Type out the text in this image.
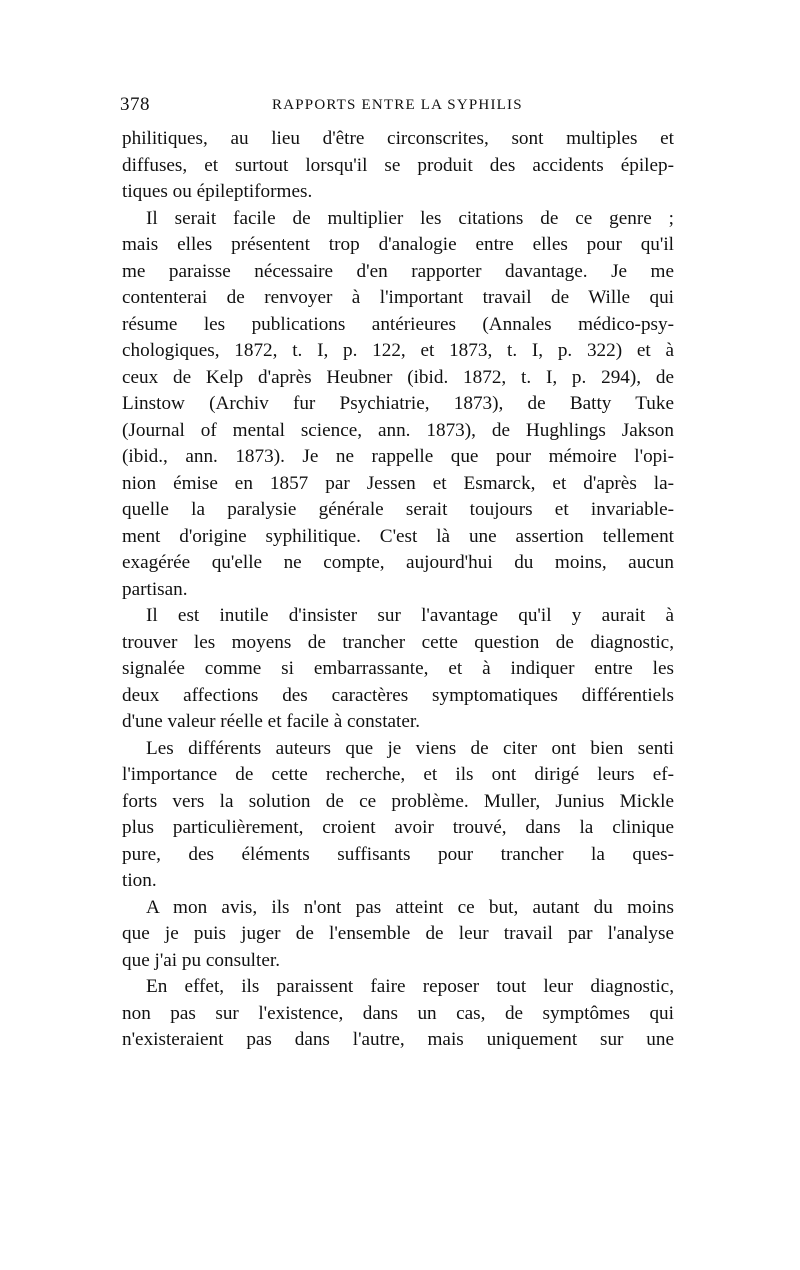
378	RAPPORTS ENTRE LA SYPHILIS

philitiques, au lieu d'être circonscrites, sont multiples et
diffuses, et surtout lorsqu'il se produit des accidents épilep-
tiques ou épileptiformes.

Il serait facile de multiplier les citations de ce genre ;
mais elles présentent trop d'analogie entre elles pour qu'il
me paraisse nécessaire d'en rapporter davantage. Je me
contenterai de renvoyer à l'important travail de Wille qui
résume les publications antérieures (Annales médico-psy-
chologiques, 1872, t. I, p. 122, et 1873, t. I, p. 322) et à
ceux de Kelp d'après Heubner (ibid. 1872, t. I, p. 294), de
Linstow (Archiv fur Psychiatrie, 1873), de Batty Tuke
(Journal of mental science, ann. 1873), de Hughlings Jakson
(ibid., ann. 1873). Je ne rappelle que pour mémoire l'opi-
nion émise en 1857 par Jessen et Esmarck, et d'après la-
quelle la paralysie générale serait toujours et invariable-
ment d'origine syphilitique. C'est là une assertion tellement
exagérée qu'elle ne compte, aujourd'hui du moins, aucun
partisan.

Il est inutile d'insister sur l'avantage qu'il y aurait à
trouver les moyens de trancher cette question de diagnostic,
signalée comme si embarrassante, et à indiquer entre les
deux affections des caractères symptomatiques différentiels
d'une valeur réelle et facile à constater.

Les différents auteurs que je viens de citer ont bien senti
l'importance de cette recherche, et ils ont dirigé leurs ef-
forts vers la solution de ce problème. Muller, Junius Mickle
plus particulièrement, croient avoir trouvé, dans la clinique
pure, des éléments suffisants pour trancher la ques-
tion.

A mon avis, ils n'ont pas atteint ce but, autant du moins
que je puis juger de l'ensemble de leur travail par l'analyse
que j'ai pu consulter.

En effet, ils paraissent faire reposer tout leur diagnostic,
non pas sur l'existence, dans un cas, de symptômes qui
n'existeraient pas dans l'autre, mais uniquement sur une
